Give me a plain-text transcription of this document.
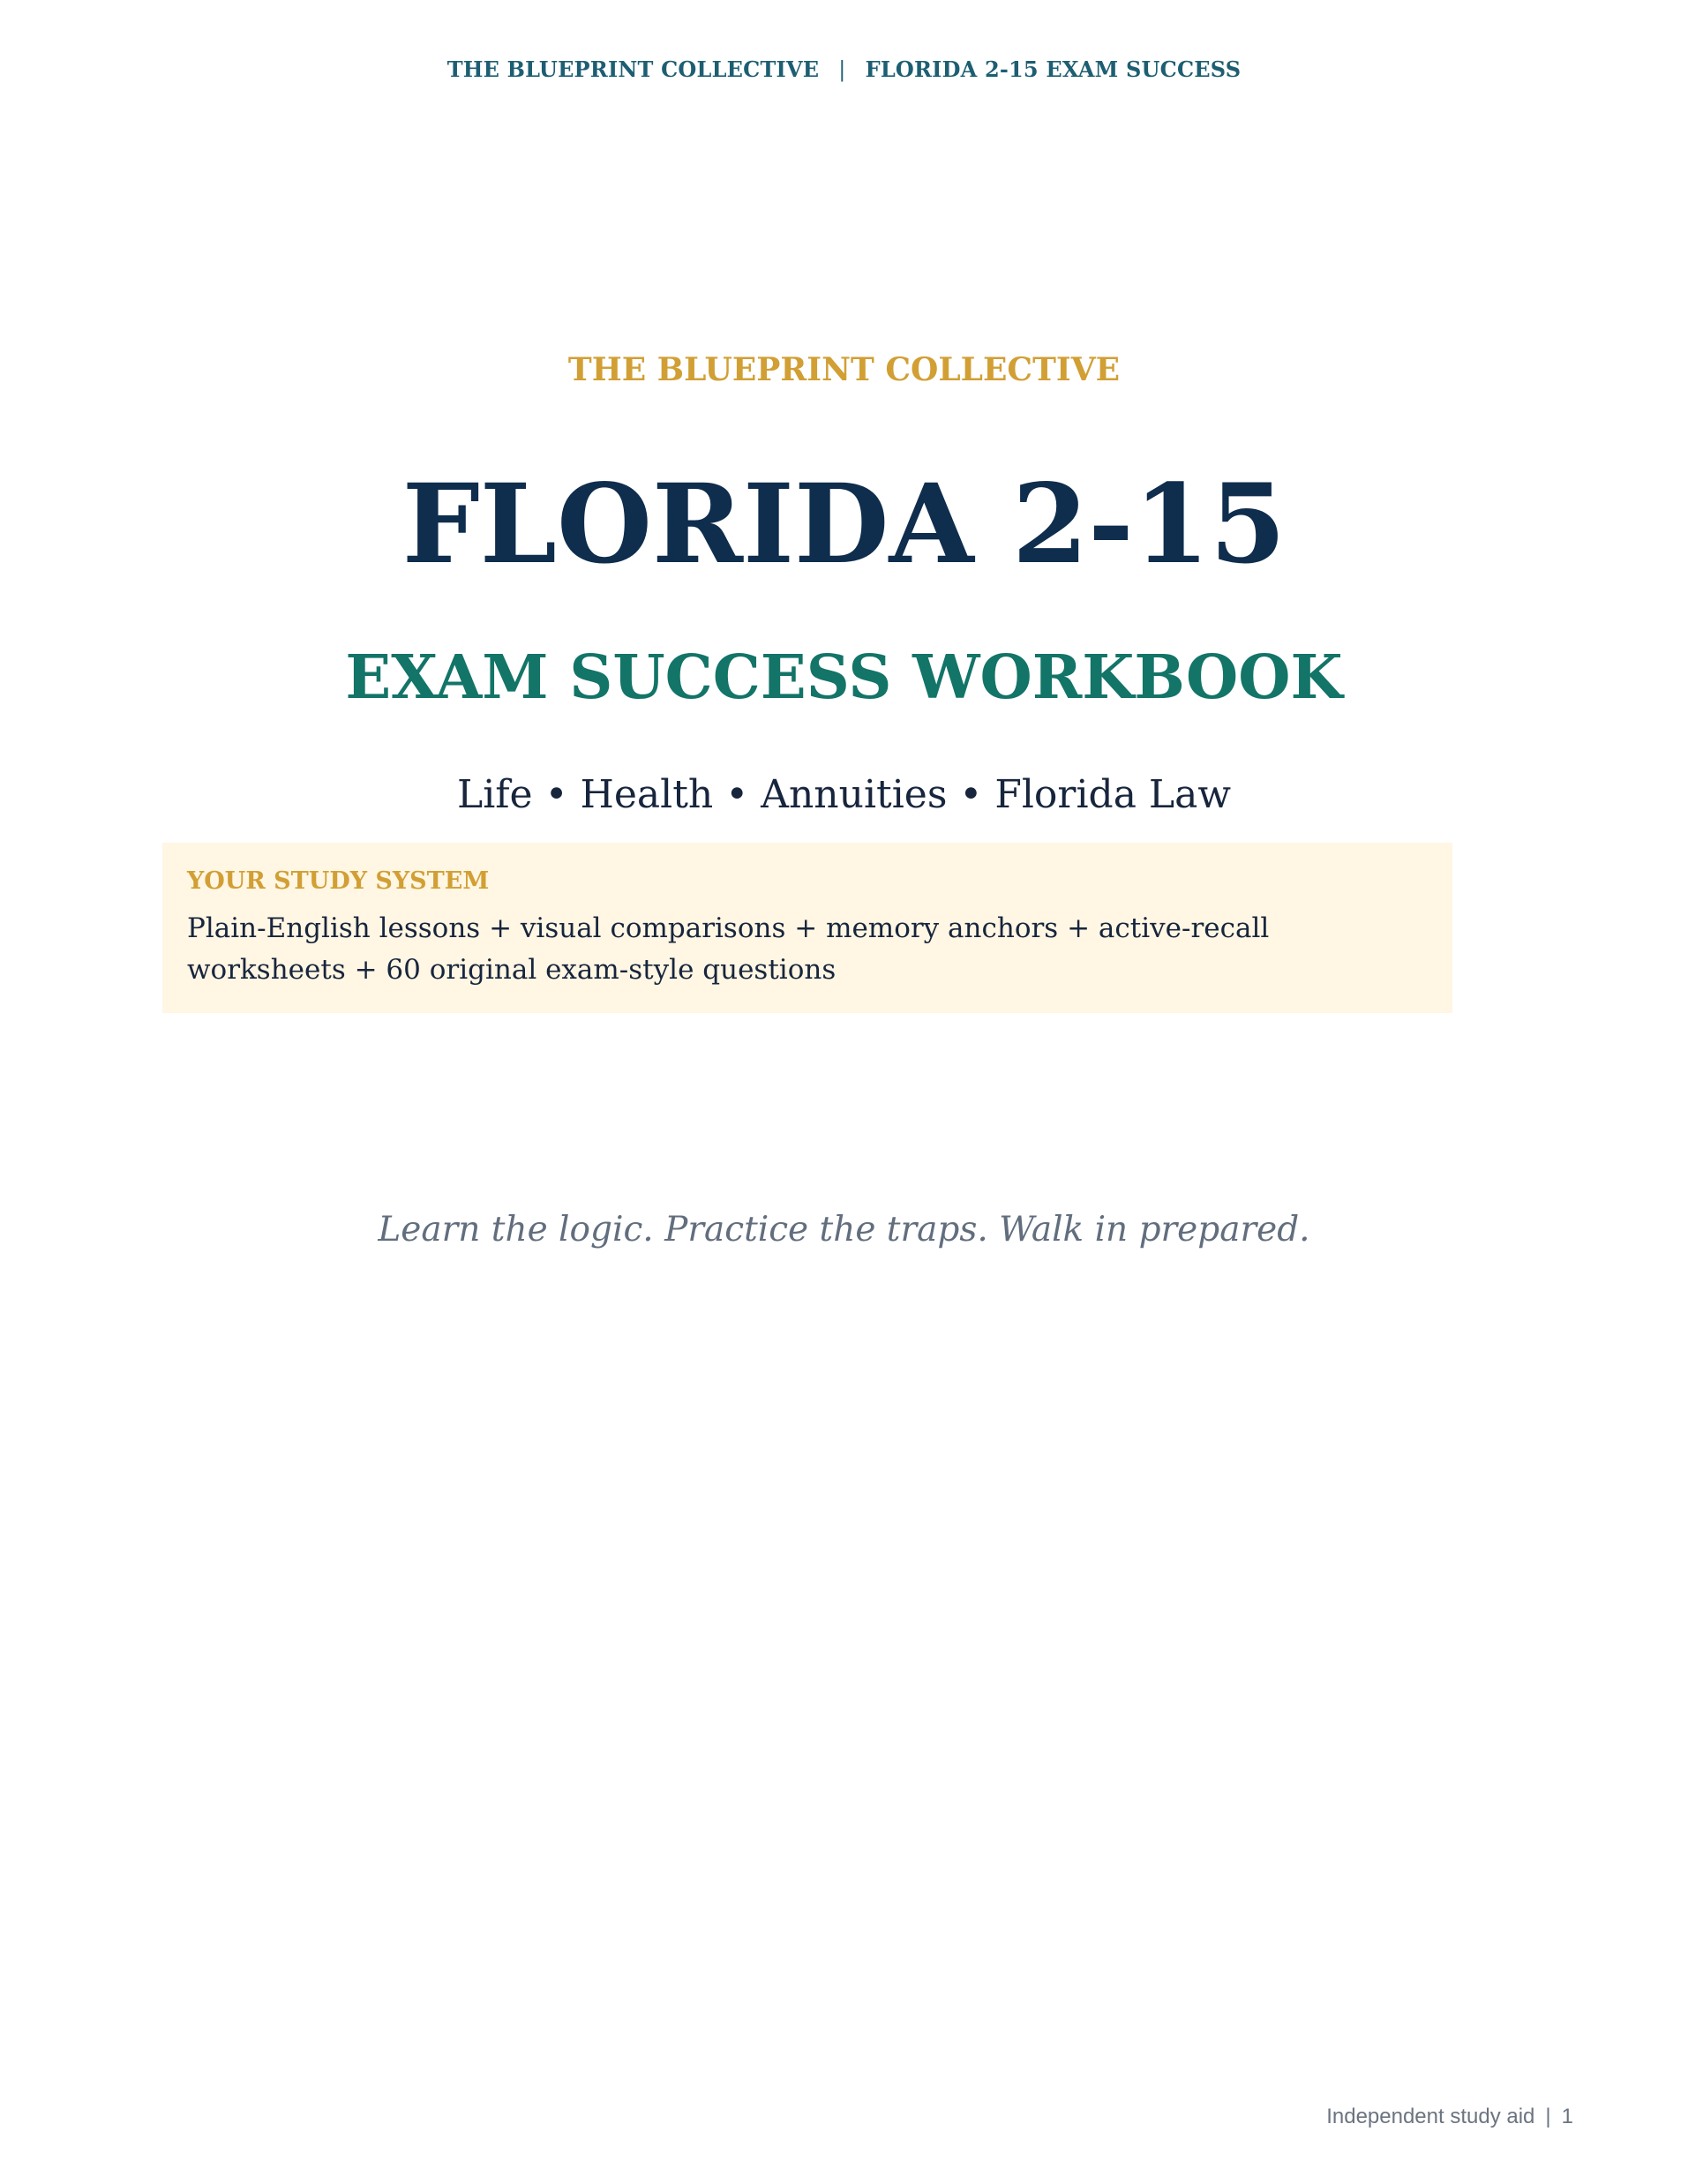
THE BLUEPRINT COLLECTIVE | FLORIDA 2-15 EXAM SUCCESS
THE BLUEPRINT COLLECTIVE
FLORIDA 2-15
EXAM SUCCESS WORKBOOK
Life • Health • Annuities • Florida Law
YOUR STUDY SYSTEM
Plain-English lessons + visual comparisons + memory anchors + active-recall worksheets + 60 original exam-style questions
Learn the logic. Practice the traps. Walk in prepared.
Independent study aid | 1
